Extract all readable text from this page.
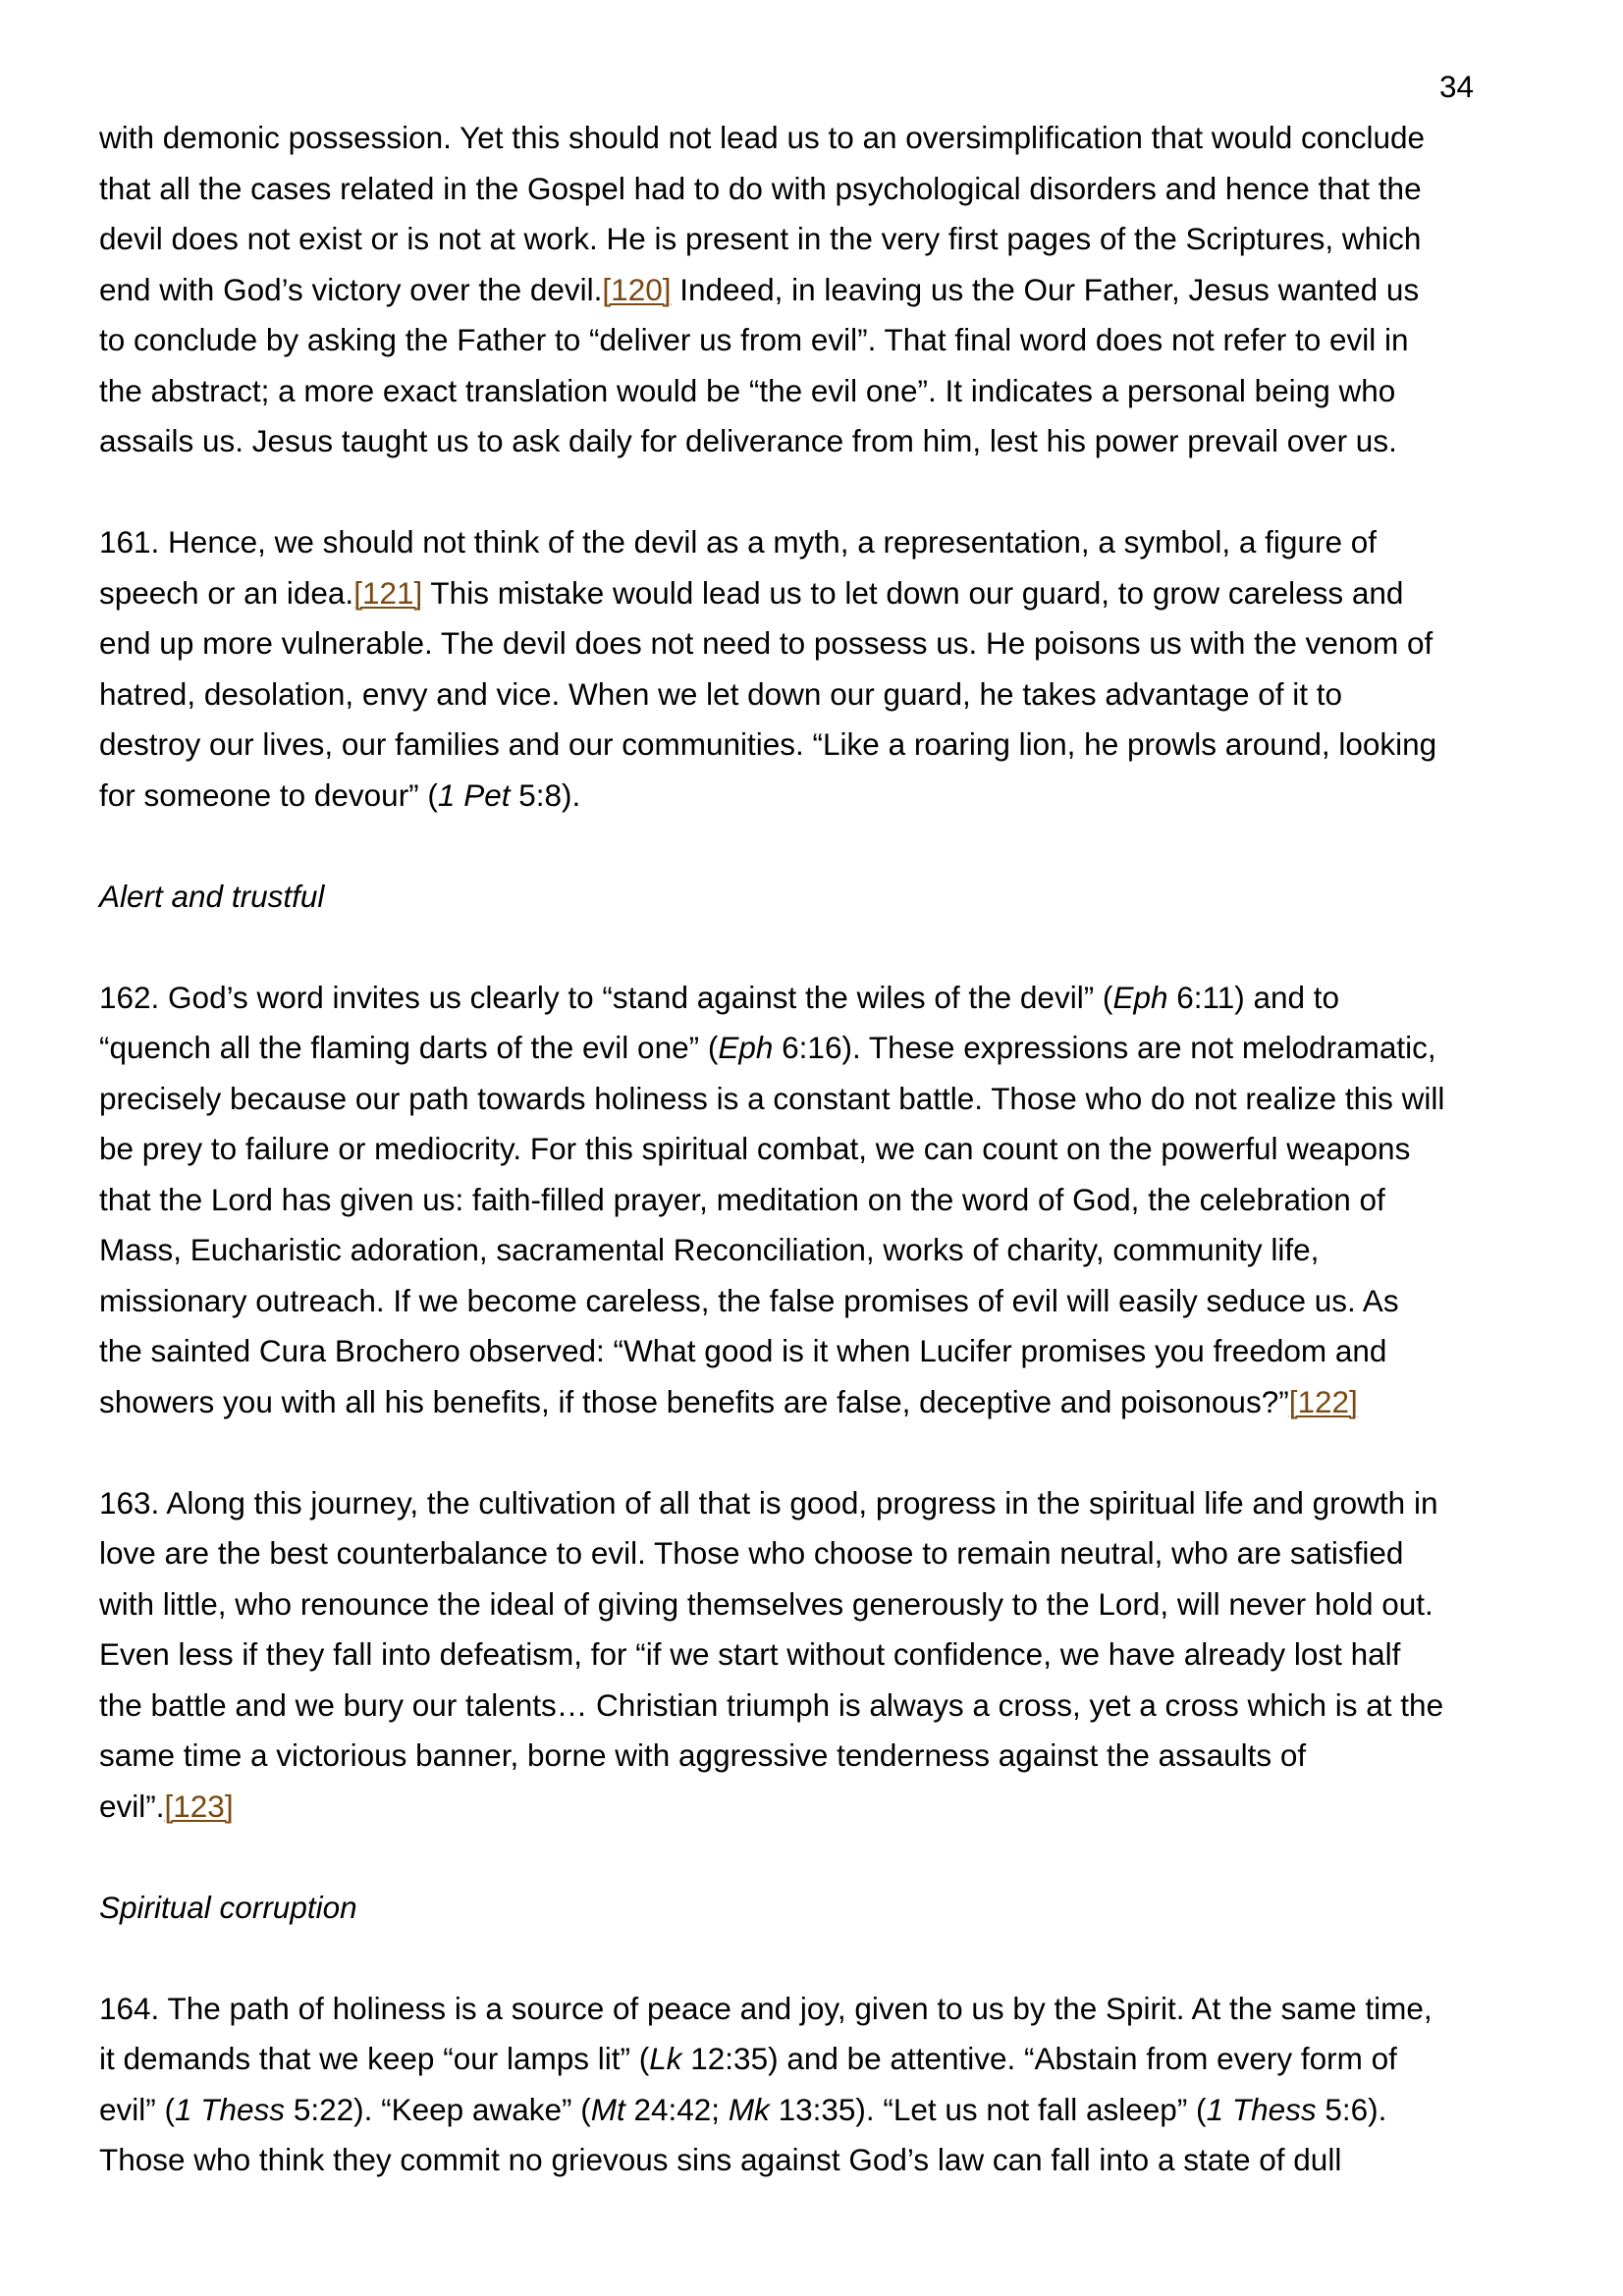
34
with demonic possession. Yet this should not lead us to an oversimplification that would conclude
that all the cases related in the Gospel had to do with psychological disorders and hence that the
devil does not exist or is not at work. He is present in the very first pages of the Scriptures, which
end with God’s victory over the devil.[120] Indeed, in leaving us the Our Father, Jesus wanted us
to conclude by asking the Father to “deliver us from evil”. That final word does not refer to evil in
the abstract; a more exact translation would be “the evil one”. It indicates a personal being who
assails us. Jesus taught us to ask daily for deliverance from him, lest his power prevail over us.
161. Hence, we should not think of the devil as a myth, a representation, a symbol, a figure of
speech or an idea.[121] This mistake would lead us to let down our guard, to grow careless and
end up more vulnerable. The devil does not need to possess us. He poisons us with the venom of
hatred, desolation, envy and vice. When we let down our guard, he takes advantage of it to
destroy our lives, our families and our communities. “Like a roaring lion, he prowls around, looking
for someone to devour” (1 Pet 5:8).
Alert and trustful
162. God’s word invites us clearly to “stand against the wiles of the devil” (Eph 6:11) and to
“quench all the flaming darts of the evil one” (Eph 6:16). These expressions are not melodramatic,
precisely because our path towards holiness is a constant battle. Those who do not realize this will
be prey to failure or mediocrity. For this spiritual combat, we can count on the powerful weapons
that the Lord has given us: faith-filled prayer, meditation on the word of God, the celebration of
Mass, Eucharistic adoration, sacramental Reconciliation, works of charity, community life,
missionary outreach. If we become careless, the false promises of evil will easily seduce us. As
the sainted Cura Brochero observed: “What good is it when Lucifer promises you freedom and
showers you with all his benefits, if those benefits are false, deceptive and poisonous?”[122]
163. Along this journey, the cultivation of all that is good, progress in the spiritual life and growth in
love are the best counterbalance to evil. Those who choose to remain neutral, who are satisfied
with little, who renounce the ideal of giving themselves generously to the Lord, will never hold out.
Even less if they fall into defeatism, for “if we start without confidence, we have already lost half
the battle and we bury our talents… Christian triumph is always a cross, yet a cross which is at the
same time a victorious banner, borne with aggressive tenderness against the assaults of
evil”.[123]
Spiritual corruption
164. The path of holiness is a source of peace and joy, given to us by the Spirit. At the same time,
it demands that we keep “our lamps lit” (Lk 12:35) and be attentive. “Abstain from every form of
evil” (1 Thess 5:22). “Keep awake” (Mt 24:42; Mk 13:35). “Let us not fall asleep” (1 Thess 5:6).
Those who think they commit no grievous sins against God’s law can fall into a state of dull
